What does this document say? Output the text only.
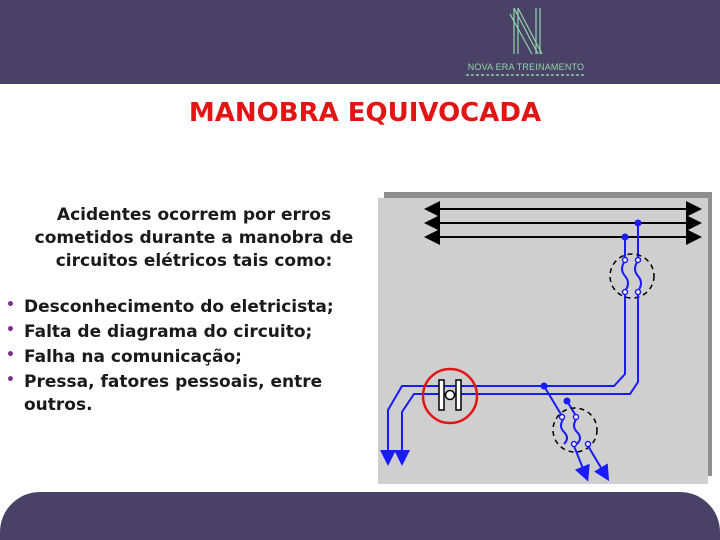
NOVA ERA TREINAMENTO
MANOBRA EQUIVOCADA
Acidentes ocorrem por erros cometidos durante a manobra de circuitos elétricos tais como:
• Desconhecimento do eletricista;
• Falta de diagrama do circuito;
• Falha na comunicação;
• Pressa, fatores pessoais, entre outros.
